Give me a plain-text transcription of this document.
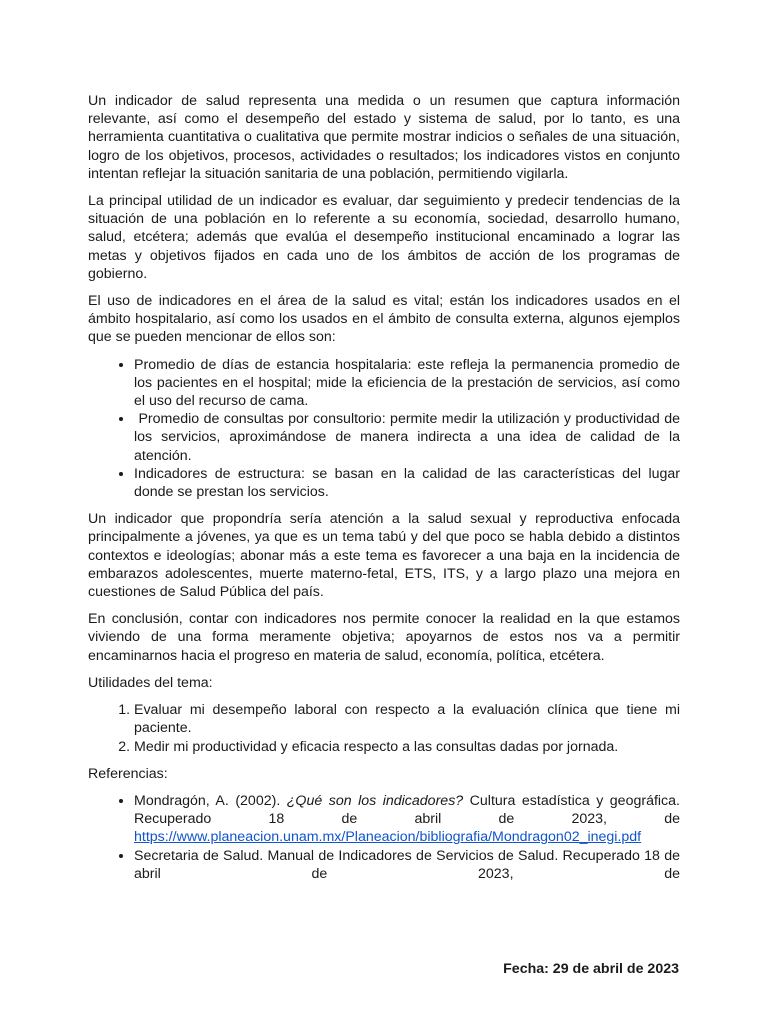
Un indicador de salud representa una medida o un resumen que captura información relevante, así como el desempeño del estado y sistema de salud, por lo tanto, es una herramienta cuantitativa o cualitativa que permite mostrar indicios o señales de una situación, logro de los objetivos, procesos, actividades o resultados; los indicadores vistos en conjunto intentan reflejar la situación sanitaria de una población, permitiendo vigilarla.

La principal utilidad de un indicador es evaluar, dar seguimiento y predecir tendencias de la situación de una población en lo referente a su economía, sociedad, desarrollo humano, salud, etcétera; además que evalúa el desempeño institucional encaminado a lograr las metas y objetivos fijados en cada uno de los ámbitos de acción de los programas de gobierno.

El uso de indicadores en el área de la salud es vital; están los indicadores usados en el ámbito hospitalario, así como los usados en el ámbito de consulta externa, algunos ejemplos que se pueden mencionar de ellos son:

• Promedio de días de estancia hospitalaria: este refleja la permanencia promedio de los pacientes en el hospital; mide la eficiencia de la prestación de servicios, así como el uso del recurso de cama.
•  Promedio de consultas por consultorio: permite medir la utilización y productividad de los servicios, aproximándose de manera indirecta a una idea de calidad de la atención.
• Indicadores de estructura: se basan en la calidad de las características del lugar donde se prestan los servicios.

Un indicador que propondría sería atención a la salud sexual y reproductiva enfocada principalmente a jóvenes, ya que es un tema tabú y del que poco se habla debido a distintos contextos e ideologías; abonar más a este tema es favorecer a una baja en la incidencia de embarazos adolescentes, muerte materno-fetal, ETS, ITS, y a largo plazo una mejora en cuestiones de Salud Pública del país.

En conclusión, contar con indicadores nos permite conocer la realidad en la que estamos viviendo de una forma meramente objetiva; apoyarnos de estos nos va a permitir encaminarnos hacia el progreso en materia de salud, economía, política, etcétera.

Utilidades del tema:

1. Evaluar mi desempeño laboral con respecto a la evaluación clínica que tiene mi paciente.
2. Medir mi productividad y eficacia respecto a las consultas dadas por jornada.

Referencias:

• Mondragón, A. (2002). ¿Qué son los indicadores? Cultura estadística y geográfica. Recuperado 18 de abril de 2023, de https://www.planeacion.unam.mx/Planeacion/bibliografia/Mondragon02_inegi.pdf
• Secretaria de Salud. Manual de Indicadores de Servicios de Salud. Recuperado 18 de abril de 2023, de
Fecha: 29 de abril de 2023
